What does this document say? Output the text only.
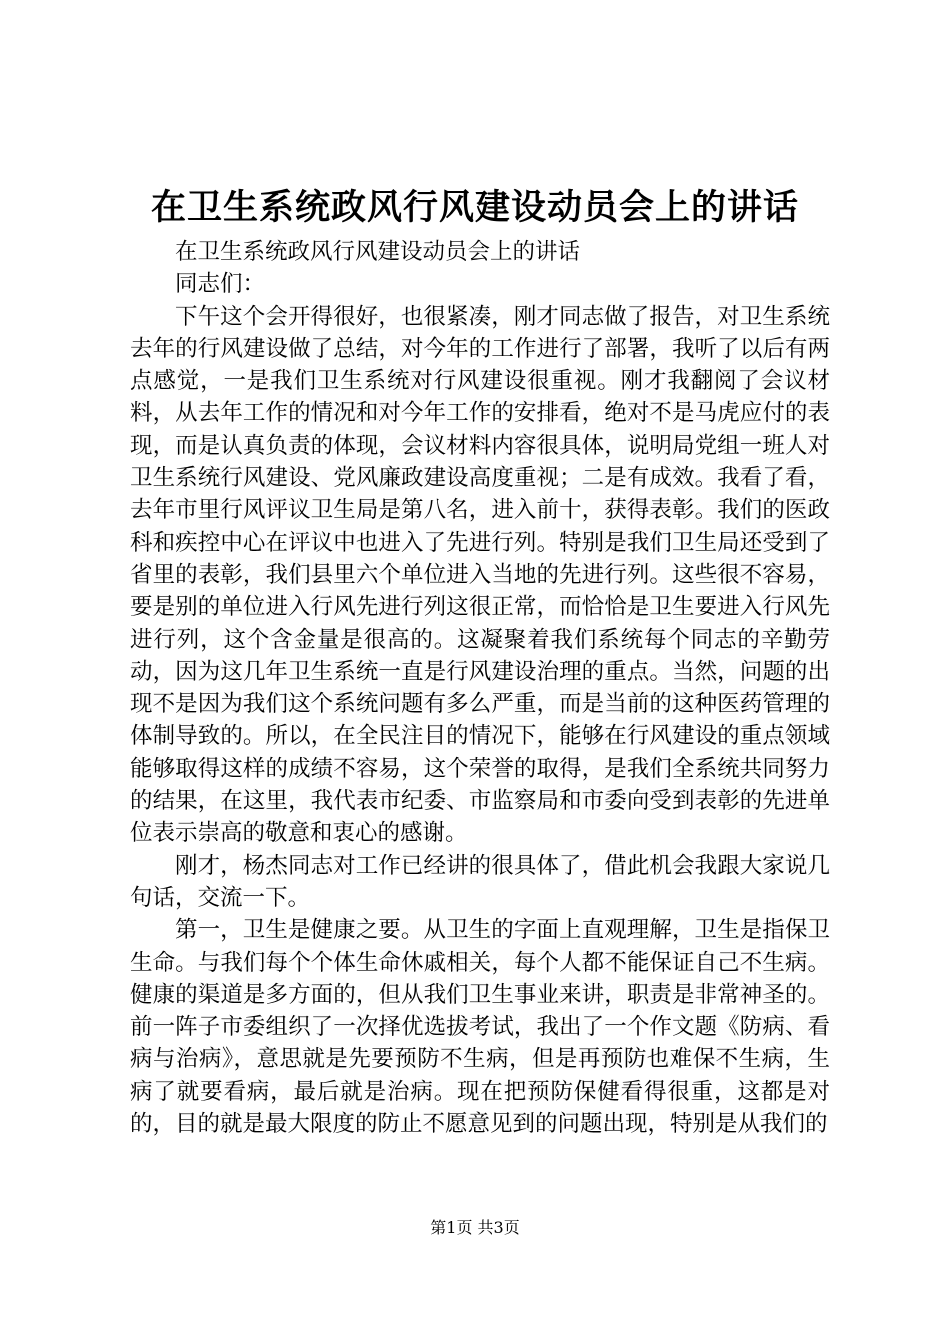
在卫生系统政风行风建设动员会上的讲话

在卫生系统政风行风建设动员会上的讲话

同志们：

下午这个会开得很好，也很紧凑，刚才同志做了报告，对卫生系统去年的行风建设做了总结，对今年的工作进行了部署，我听了以后有两点感觉，一是我们卫生系统对行风建设很重视。刚才我翻阅了会议材料，从去年工作的情况和对今年工作的安排看，绝对不是马虎应付的表现，而是认真负责的体现，会议材料内容很具体，说明局党组一班人对卫生系统行风建设、党风廉政建设高度重视；二是有成效。我看了看，去年市里行风评议卫生局是第八名，进入前十，获得表彰。我们的医政科和疾控中心在评议中也进入了先进行列。特别是我们卫生局还受到了省里的表彰，我们县里六个单位进入当地的先进行列。这些很不容易，要是别的单位进入行风先进行列这很正常，而恰恰是卫生要进入行风先进行列，这个含金量是很高的。这凝聚着我们系统每个同志的辛勤劳动，因为这几年卫生系统一直是行风建设治理的重点。当然，问题的出现不是因为我们这个系统问题有多么严重，而是当前的这种医药管理的体制导致的。所以，在全民注目的情况下，能够在行风建设的重点领域能够取得这样的成绩不容易，这个荣誉的取得，是我们全系统共同努力的结果，在这里，我代表市纪委、市监察局和市委向受到表彰的先进单位表示崇高的敬意和衷心的感谢。

刚才，杨杰同志对工作已经讲的很具体了，借此机会我跟大家说几句话，交流一下。

第一，卫生是健康之要。从卫生的字面上直观理解，卫生是指保卫生命。与我们每个个体生命休戚相关，每个人都不能保证自己不生病。健康的渠道是多方面的，但从我们卫生事业来讲，职责是非常神圣的。前一阵子市委组织了一次择优选拔考试，我出了一个作文题《防病、看病与治病》，意思就是先要预防不生病，但是再预防也难保不生病，生病了就要看病，最后就是治病。现在把预防保健看得很重，这都是对的，目的就是最大限度的防止不愿意见到的问题出现，特别是从我们的

第1页 共3页
